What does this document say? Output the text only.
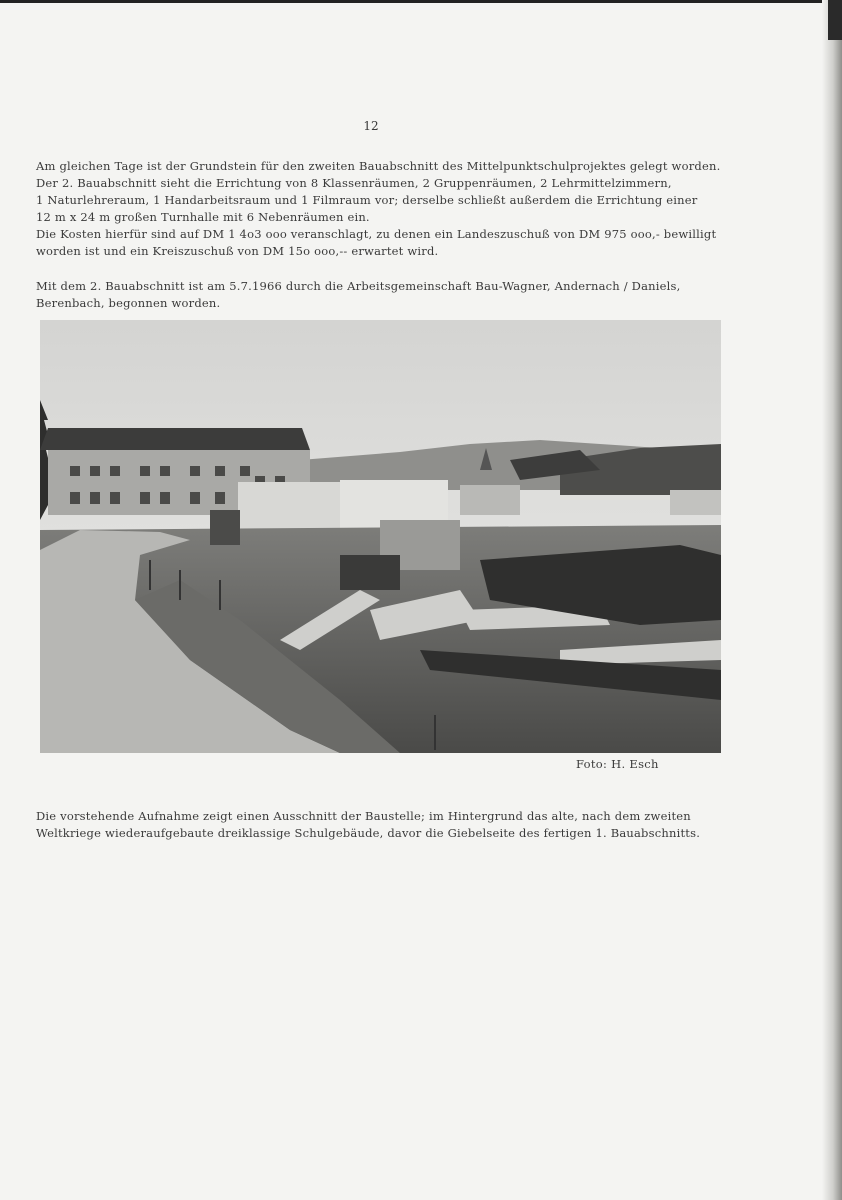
12
Am gleichen Tage ist der Grundstein für den zweiten Bauabschnitt des Mittelpunktschulprojektes gelegt worden.
Der 2. Bauabschnitt sieht die Errichtung von 8 Klassenräumen, 2 Gruppenräumen, 2 Lehrmittelzimmern,
1 Naturlehreraum, 1 Handarbeitsraum und 1 Filmraum vor; derselbe schließt außerdem die Errichtung einer
12 m x 24 m großen Turnhalle mit 6 Nebenräumen ein.
Die Kosten hierfür sind auf DM 1 4o3 ooo veranschlagt, zu denen ein Landeszuschuß von DM 975 ooo,- bewilligt
worden ist und ein Kreiszuschuß von DM 15o ooo,-- erwartet wird.
Mit dem 2. Bauabschnitt ist am 5.7.1966 durch die Arbeitsgemeinschaft Bau-Wagner, Andernach / Daniels,
Berenbach, begonnen worden.
Foto: H. Esch
Die vorstehende Aufnahme zeigt einen Ausschnitt der Baustelle; im Hintergrund das alte, nach dem zweiten
Weltkriege wiederaufgebaute dreiklassige Schulgebäude, davor die Giebelseite des fertigen 1. Bauabschnitts.
